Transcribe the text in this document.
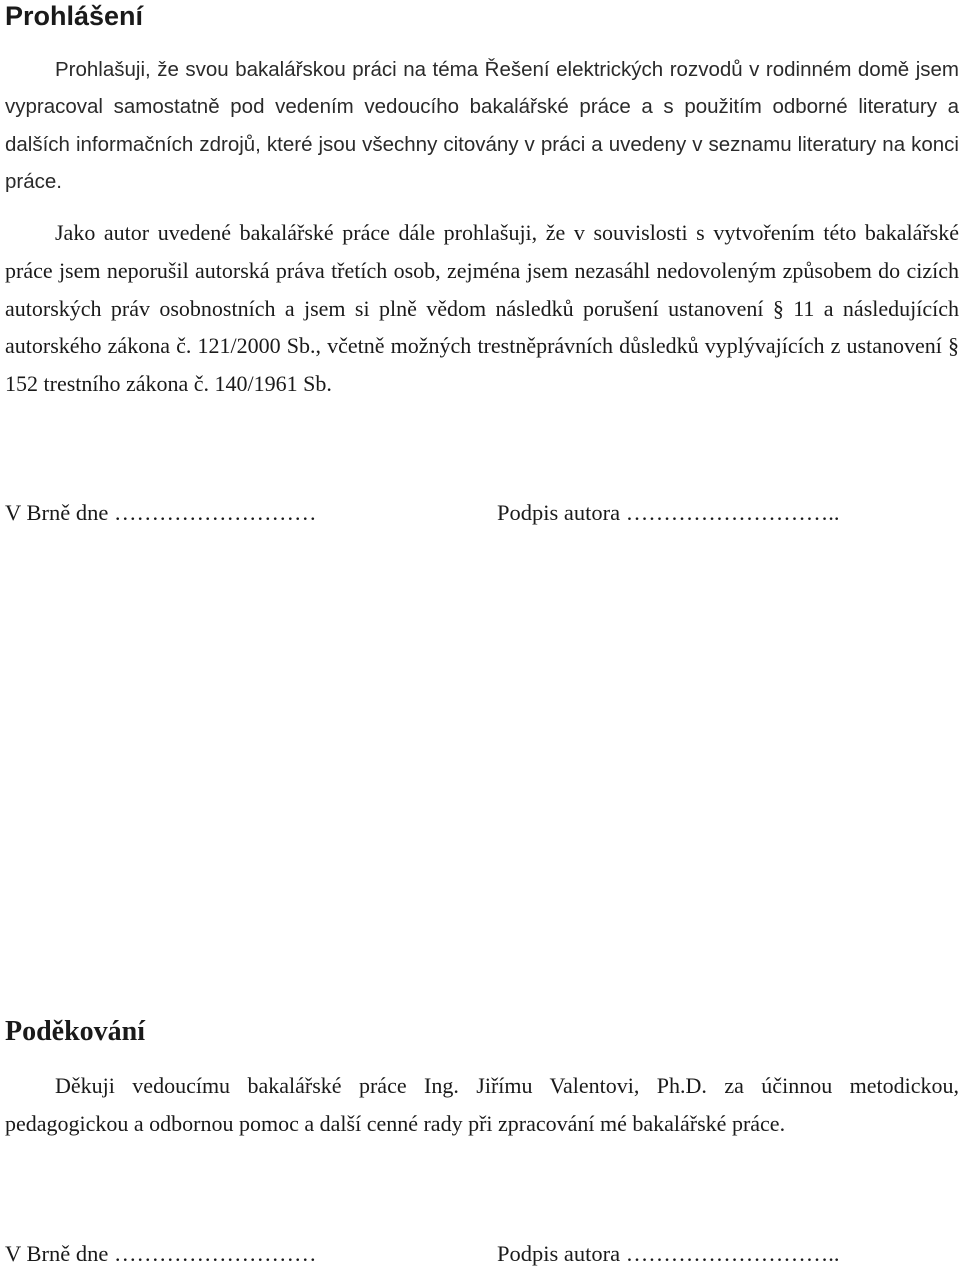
Prohlášení

Prohlašuji, že svou bakalářskou práci na téma Řešení elektrických rozvodů v rodinném domě jsem vypracoval samostatně pod vedením vedoucího bakalářské práce a s použitím odborné literatury a dalších informačních zdrojů, které jsou všechny citovány v práci a uvedeny v seznamu literatury na konci práce.

Jako autor uvedené bakalářské práce dále prohlašuji, že v souvislosti s vytvořením této bakalářské práce jsem neporušil autorská práva třetích osob, zejména jsem nezasáhl nedovoleným způsobem do cizích autorských práv osobnostních a jsem si plně vědom následků porušení ustanovení § 11 a následujících autorského zákona č. 121/2000 Sb., včetně možných trestněprávních důsledků vyplývajících z ustanovení § 152 trestního zákona č. 140/1961 Sb.

V Brně dne ………………………	Podpis autora ………………………..
Poděkování

Děkuji vedoucímu bakalářské práce Ing. Jiřímu Valentovi, Ph.D. za účinnou metodickou, pedagogickou a odbornou pomoc a další cenné rady při zpracování mé bakalářské práce.

V Brně dne ………………………	Podpis autora ………………………..
